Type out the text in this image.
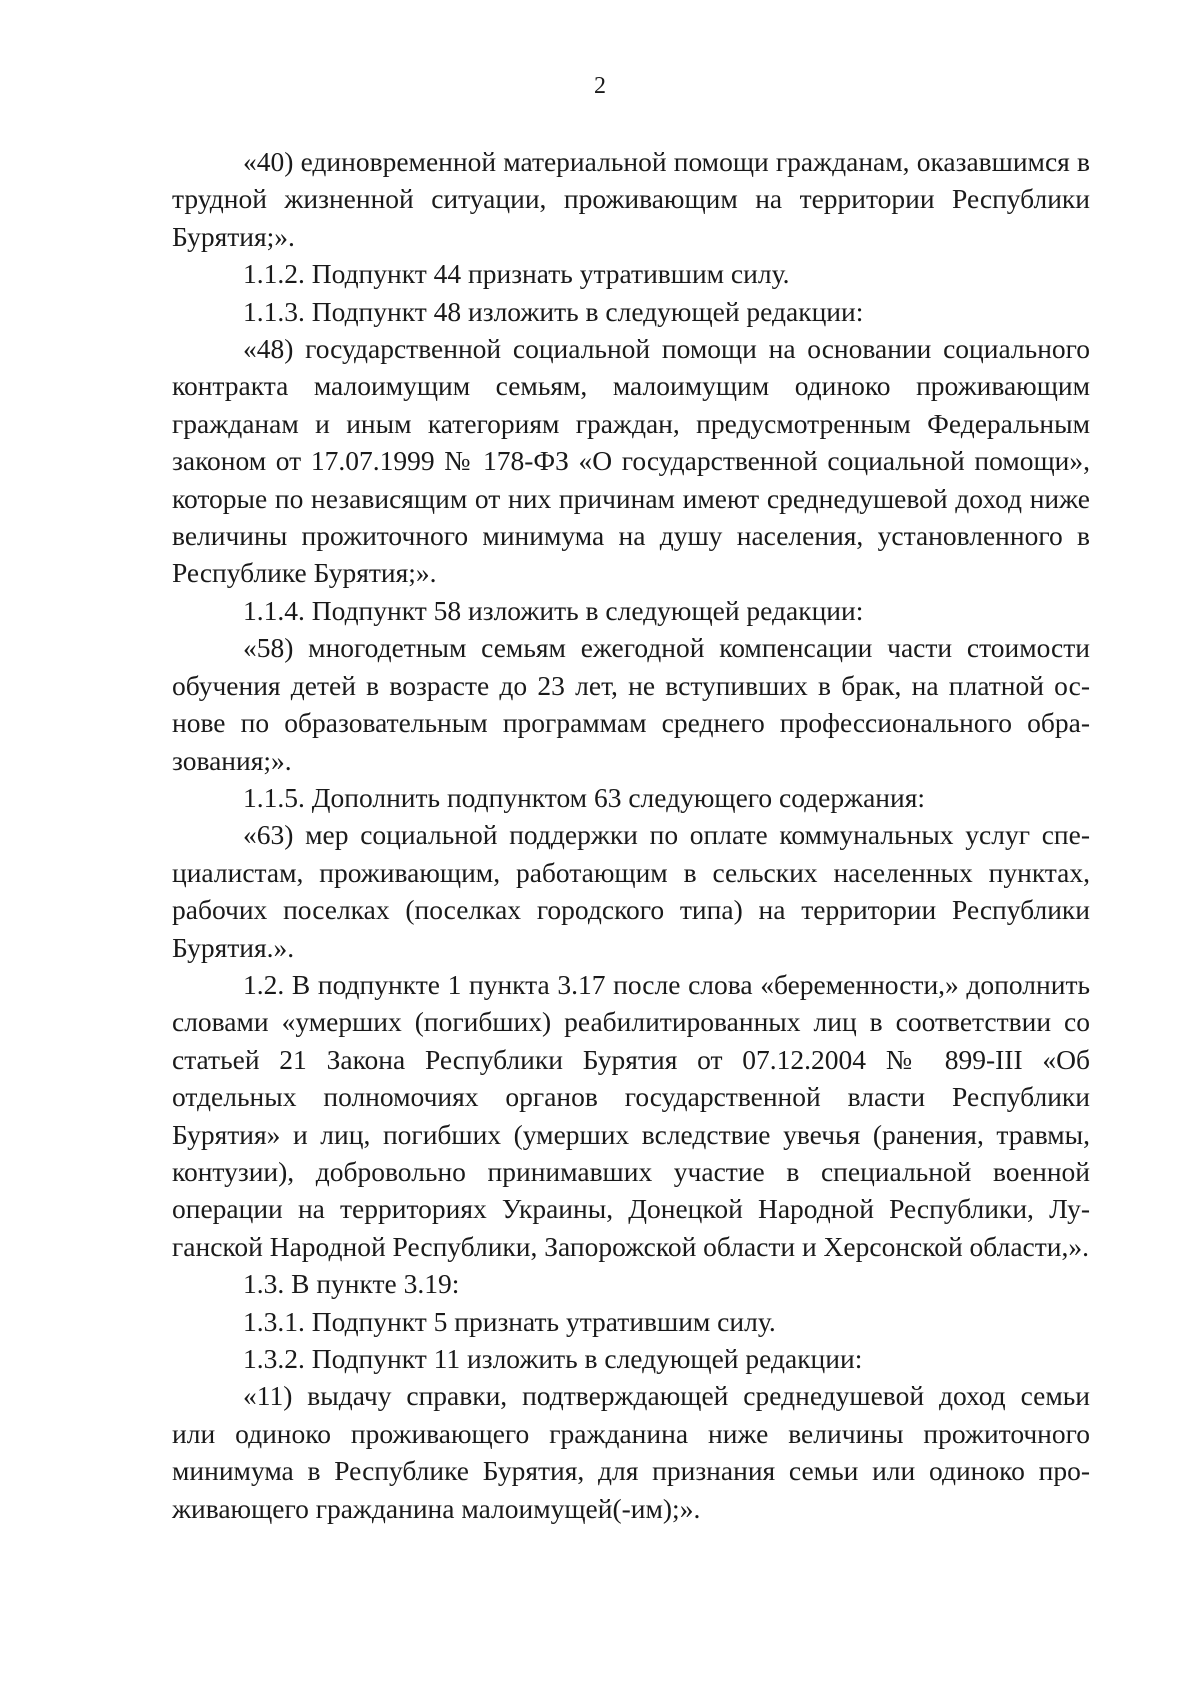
2

«40) единовременной материальной помощи гражданам, оказавшимся в трудной жизненной ситуации, проживающим на территории Республики Бурятия;».

1.1.2. Подпункт 44 признать утратившим силу.

1.1.3. Подпункт 48 изложить в следующей редакции:

«48) государственной социальной помощи на основании социального контракта малоимущим семьям, малоимущим одиноко проживающим гражданам и иным категориям граждан, предусмотренным Федеральным законом от 17.07.1999 № 178-ФЗ «О государственной социальной помощи», которые по независящим от них причинам имеют среднедушевой доход ниже величины прожиточного минимума на душу населения, установленного в Республике Бурятия;».

1.1.4. Подпункт 58 изложить в следующей редакции:

«58) многодетным семьям ежегодной компенсации части стоимости обучения детей в возрасте до 23 лет, не вступивших в брак, на платной основе по образовательным программам среднего профессионального образования;».

1.1.5. Дополнить подпунктом 63 следующего содержания:

«63) мер социальной поддержки по оплате коммунальных услуг специалистам, проживающим, работающим в сельских населенных пунктах, рабочих поселках (поселках городского типа) на территории Республики Бурятия.».

1.2. В подпункте 1 пункта 3.17 после слова «беременности,» дополнить словами «умерших (погибших) реабилитированных лиц в соответствии со статьей 21 Закона Республики Бурятия от 07.12.2004 № 899-III «Об отдельных полномочиях органов государственной власти Республики Бурятия» и лиц, погибших (умерших вследствие увечья (ранения, травмы, контузии), добровольно принимавших участие в специальной военной операции на территориях Украины, Донецкой Народной Республики, Луганской Народной Республики, Запорожской области и Херсонской области,».

1.3. В пункте 3.19:

1.3.1. Подпункт 5 признать утратившим силу.

1.3.2. Подпункт 11 изложить в следующей редакции:

«11) выдачу справки, подтверждающей среднедушевой доход семьи или одиноко проживающего гражданина ниже величины прожиточного минимума в Республике Бурятия, для признания семьи или одиноко проживающего гражданина малоимущей(-им);».
